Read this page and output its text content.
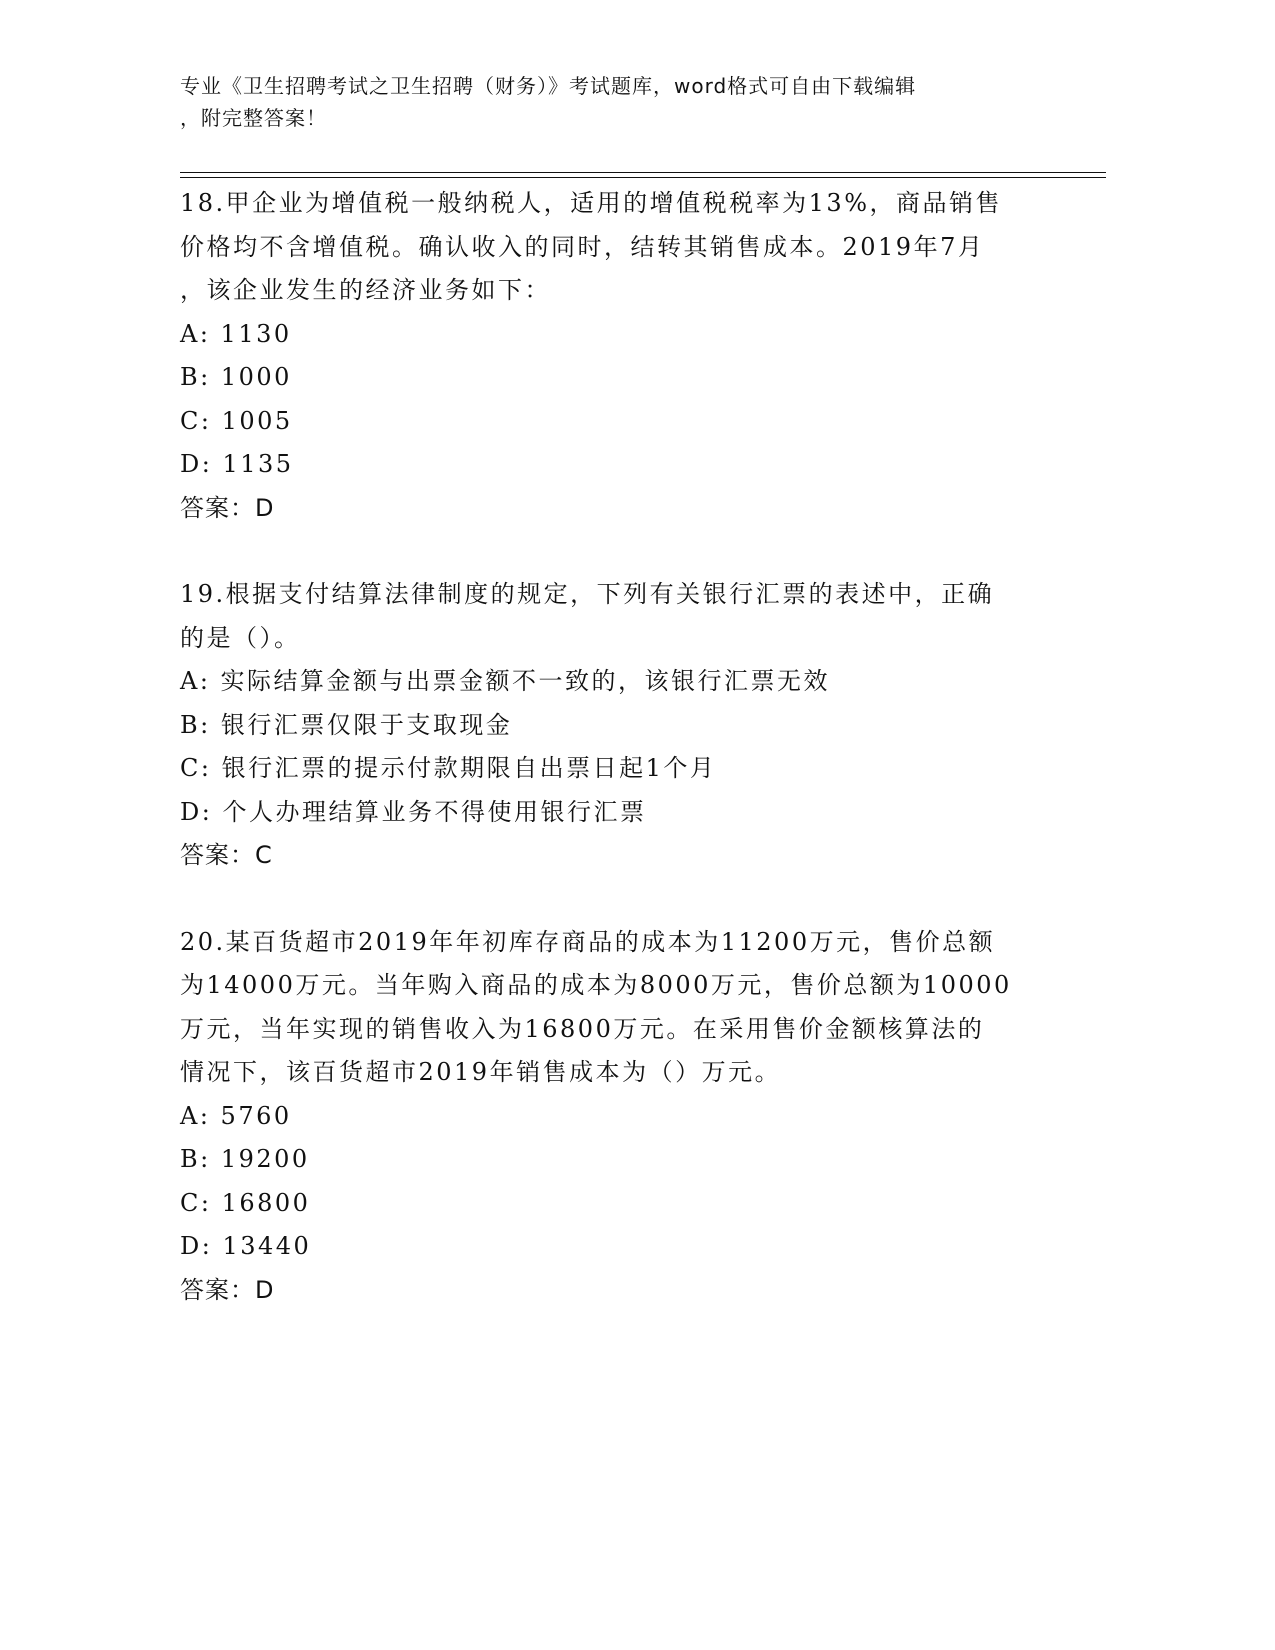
专业《卫生招聘考试之卫生招聘（财务）》考试题库，word格式可自由下载编辑
，附完整答案！

18.甲企业为增值税一般纳税人，适用的增值税税率为13%，商品销售

价格均不含增值税。确认收入的同时，结转其销售成本。2019年7月

，该企业发生的经济业务如下：

A: 1130

B: 1000

C: 1005

D: 1135

答案：D

19.根据支付结算法律制度的规定，下列有关银行汇票的表述中，正确

的是（）。

A: 实际结算金额与出票金额不一致的，该银行汇票无效

B: 银行汇票仅限于支取现金

C: 银行汇票的提示付款期限自出票日起1个月

D: 个人办理结算业务不得使用银行汇票

答案：C

20.某百货超市2019年年初库存商品的成本为11200万元，售价总额

为14000万元。当年购入商品的成本为8000万元，售价总额为10000

万元，当年实现的销售收入为16800万元。在采用售价金额核算法的

情况下，该百货超市2019年销售成本为（）万元。

A: 5760

B: 19200

C: 16800

D: 13440

答案：D
